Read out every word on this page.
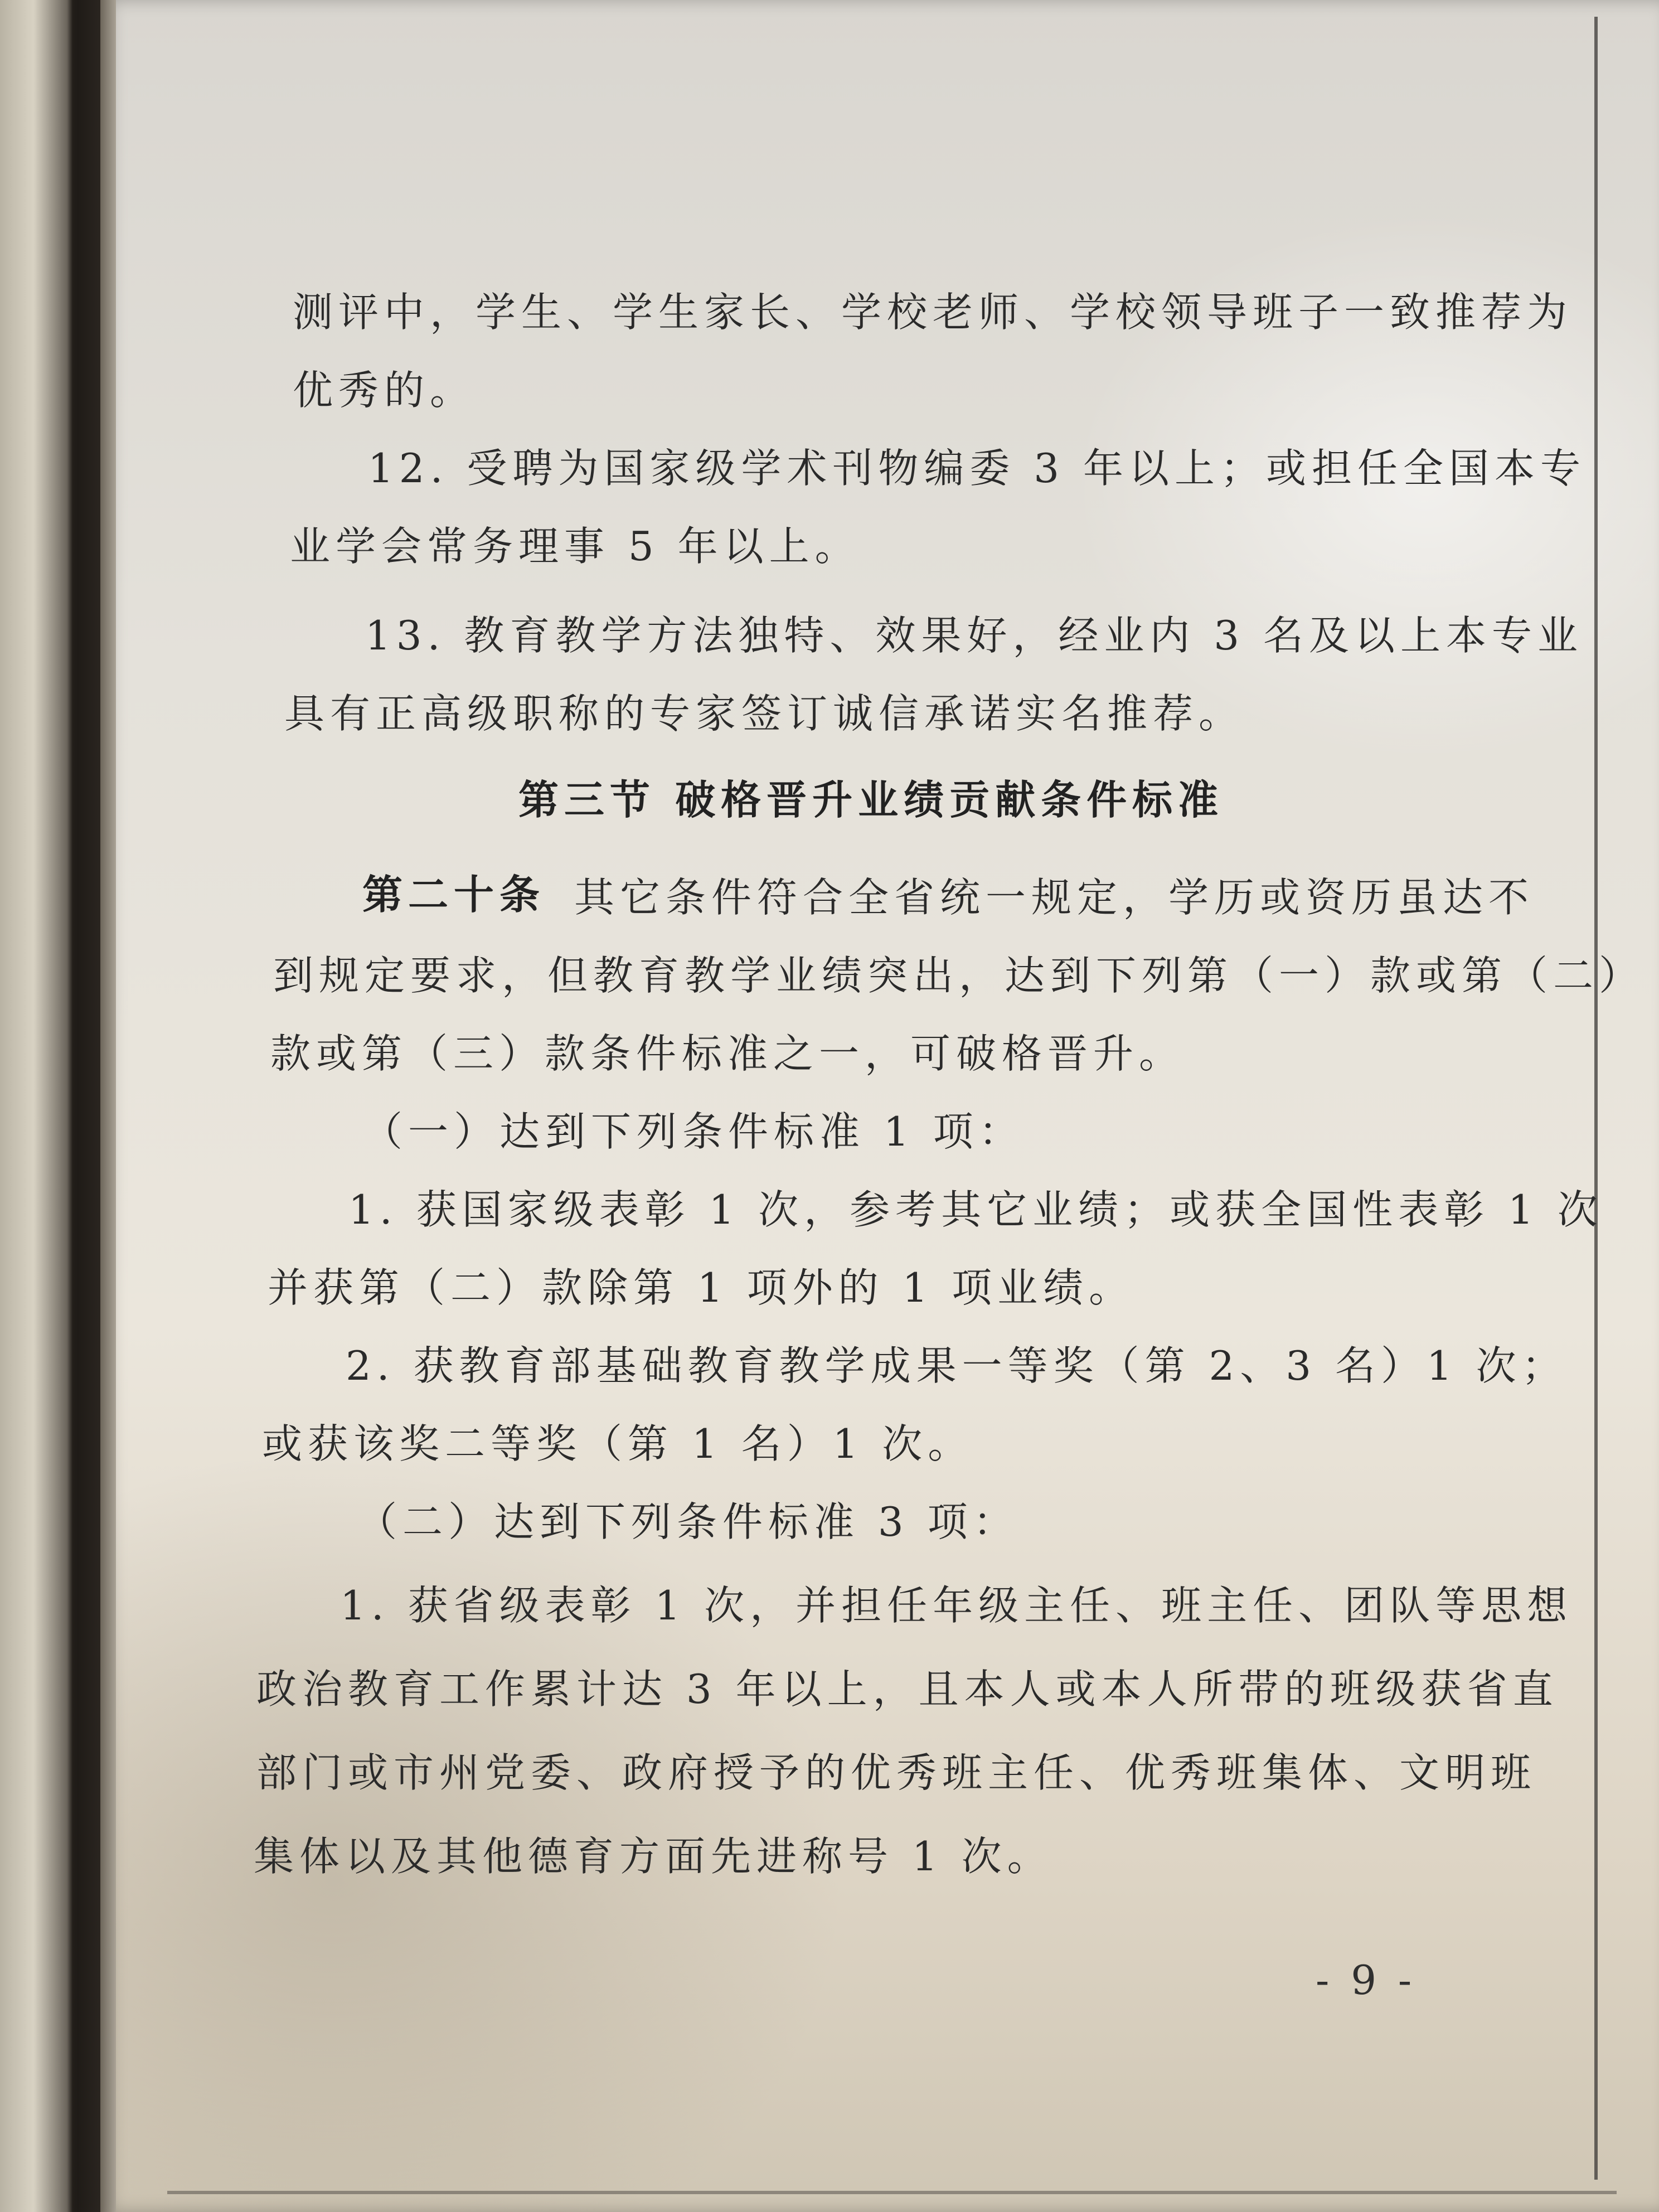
测评中，学生、学生家长、学校老师、学校领导班子一致推荐为
优秀的。
12. 受聘为国家级学术刊物编委 3 年以上；或担任全国本专
业学会常务理事 5 年以上。
13. 教育教学方法独特、效果好，经业内 3 名及以上本专业
具有正高级职称的专家签订诚信承诺实名推荐。
第三节 破格晋升业绩贡献条件标准
第二十条 其它条件符合全省统一规定，学历或资历虽达不
到规定要求，但教育教学业绩突出，达到下列第（一）款或第（二）
款或第（三）款条件标准之一，可破格晋升。
（一）达到下列条件标准 1 项：
1. 获国家级表彰 1 次，参考其它业绩；或获全国性表彰 1 次
并获第（二）款除第 1 项外的 1 项业绩。
2. 获教育部基础教育教学成果一等奖（第 2、3 名）1 次；
或获该奖二等奖（第 1 名）1 次。
（二）达到下列条件标准 3 项：
1. 获省级表彰 1 次，并担任年级主任、班主任、团队等思想
政治教育工作累计达 3 年以上，且本人或本人所带的班级获省直
部门或市州党委、政府授予的优秀班主任、优秀班集体、文明班
集体以及其他德育方面先进称号 1 次。
- 9 -
